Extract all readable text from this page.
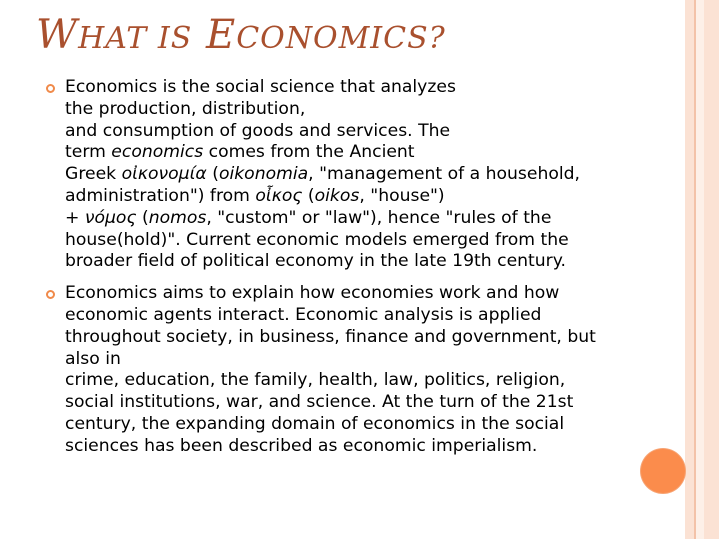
WHAT IS ECONOMICS?
Economics is the social science that analyzes
the production, distribution,
and consumption of goods and services. The
term economics comes from the Ancient
Greek οἰκονομία (oikonomia, "management of a household,
administration") from οἶκος (oikos, "house")
+ νόμος (nomos, "custom" or "law"), hence "rules of the
house(hold)". Current economic models emerged from the
broader field of political economy in the late 19th century.
Economics aims to explain how economies work and how
economic agents interact. Economic analysis is applied
throughout society, in business, finance and government, but
also in
crime, education, the family, health, law, politics, religion,
social institutions, war, and science. At the turn of the 21st
century, the expanding domain of economics in the social
sciences has been described as economic imperialism.
